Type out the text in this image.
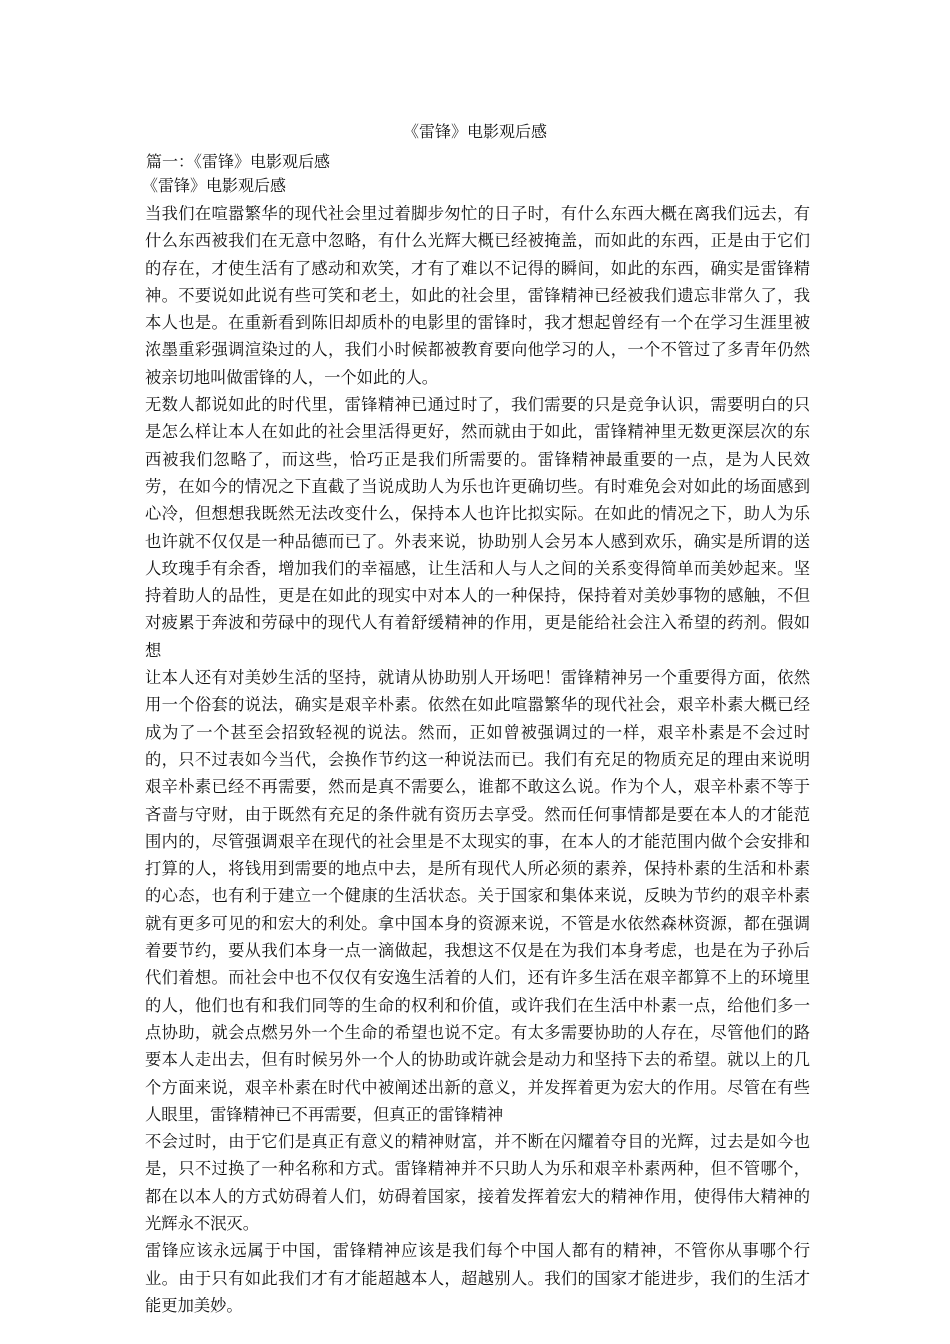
《雷锋》电影观后感
篇一：《雷锋》电影观后感
《雷锋》电影观后感

当我们在喧嚣繁华的现代社会里过着脚步匆忙的日子时，有什么东西大概在离我们远去，有什么东西被我们在无意中忽略，有什么光辉大概已经被掩盖，而如此的东西，正是由于它们的存在，才使生活有了感动和欢笑，才有了难以不记得的瞬间，如此的东西，确实是雷锋精神。不要说如此说有些可笑和老土，如此的社会里，雷锋精神已经被我们遗忘非常久了，我本人也是。在重新看到陈旧却质朴的电影里的雷锋时，我才想起曾经有一个在学习生涯里被浓墨重彩强调渲染过的人，我们小时候都被教育要向他学习的人，一个不管过了多青年仍然被亲切地叫做雷锋的人，一个如此的人。

无数人都说如此的时代里，雷锋精神已通过时了，我们需要的只是竞争认识，需要明白的只是怎么样让本人在如此的社会里活得更好，然而就由于如此，雷锋精神里无数更深层次的东西被我们忽略了，而这些，恰巧正是我们所需要的。雷锋精神最重要的一点，是为人民效劳，在如今的情况之下直截了当说成助人为乐也许更确切些。有时难免会对如此的场面感到心冷，但想想我既然无法改变什么，保持本人也许比拟实际。在如此的情况之下，助人为乐也许就不仅仅是一种品德而已了。外表来说，协助别人会另本人感到欢乐，确实是所谓的送人玫瑰手有余香，增加我们的幸福感，让生活和人与人之间的关系变得简单而美妙起来。坚持着助人的品性，更是在如此的现实中对本人的一种保持，保持着对美妙事物的感触，不但对疲累于奔波和劳碌中的现代人有着舒缓精神的作用，更是能给社会注入希望的药剂。假如想

让本人还有对美妙生活的坚持，就请从协助别人开场吧！雷锋精神另一个重要得方面，依然用一个俗套的说法，确实是艰辛朴素。依然在如此喧嚣繁华的现代社会，艰辛朴素大概已经成为了一个甚至会招致轻视的说法。然而，正如曾被强调过的一样，艰辛朴素是不会过时的，只不过表如今当代，会换作节约这一种说法而已。我们有充足的物质充足的理由来说明艰辛朴素已经不再需要，然而是真不需要么，谁都不敢这么说。作为个人，艰辛朴素不等于吝啬与守财，由于既然有充足的条件就有资历去享受。然而任何事情都是要在本人的才能范围内的，尽管强调艰辛在现代的社会里是不太现实的事，在本人的才能范围内做个会安排和打算的人，将钱用到需要的地点中去，是所有现代人所必须的素养，保持朴素的生活和朴素的心态，也有利于建立一个健康的生活状态。关于国家和集体来说，反映为节约的艰辛朴素就有更多可见的和宏大的利处。拿中国本身的资源来说，不管是水依然森林资源，都在强调着要节约，要从我们本身一点一滴做起，我想这不仅是在为我们本身考虑，也是在为子孙后代们着想。而社会中也不仅仅有安逸生活着的人们，还有许多生活在艰辛都算不上的环境里的人，他们也有和我们同等的生命的权利和价值，或许我们在生活中朴素一点，给他们多一点协助，就会点燃另外一个生命的希望也说不定。有太多需要协助的人存在，尽管他们的路要本人走出去，但有时候另外一个人的协助或许就会是动力和坚持下去的希望。就以上的几个方面来说，艰辛朴素在时代中被阐述出新的意义，并发挥着更为宏大的作用。尽管在有些人眼里，雷锋精神已不再需要，但真正的雷锋精神

不会过时，由于它们是真正有意义的精神财富，并不断在闪耀着夺目的光辉，过去是如今也是，只不过换了一种名称和方式。雷锋精神并不只助人为乐和艰辛朴素两种，但不管哪个，都在以本人的方式妨碍着人们，妨碍着国家，接着发挥着宏大的精神作用，使得伟大精神的光辉永不泯灭。

雷锋应该永远属于中国，雷锋精神应该是我们每个中国人都有的精神，不管你从事哪个行业。由于只有如此我们才有才能超越本人，超越别人。我们的国家才能进步，我们的生活才能更加美妙。
